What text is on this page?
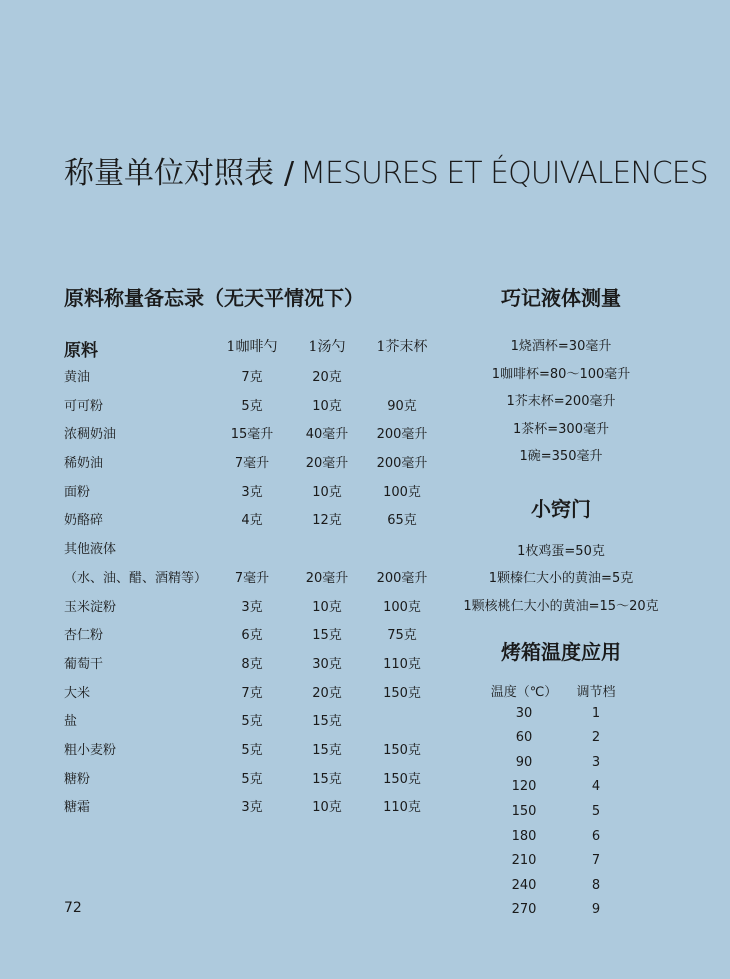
称量单位对照表 / MESURES ET ÉQUIVALENCES
原料称量备忘录（无天平情况下）
原料	1咖啡勺	1汤勺	1芥末杯
黄油	7克	20克
可可粉	5克	10克	90克
浓稠奶油	15毫升	40毫升	200毫升
稀奶油	7毫升	20毫升	200毫升
面粉	3克	10克	100克
奶酪碎	4克	12克	65克
其他液体
（水、油、醋、酒精等）	7毫升	20毫升	200毫升
玉米淀粉	3克	10克	100克
杏仁粉	6克	15克	75克
葡萄干	8克	30克	110克
大米	7克	20克	150克
盐	5克	15克
粗小麦粉	5克	15克	150克
糖粉	5克	15克	150克
糖霜	3克	10克	110克
巧记液体测量
1烧酒杯=30毫升
1咖啡杯=80～100毫升
1芥末杯=200毫升
1茶杯=300毫升
1碗=350毫升
小窍门
1枚鸡蛋=50克
1颗榛仁大小的黄油=5克
1颗核桃仁大小的黄油=15～20克
烤箱温度应用
温度（℃）	调节档
30	1
60	2
90	3
120	4
150	5
180	6
210	7
240	8
270	9
72
